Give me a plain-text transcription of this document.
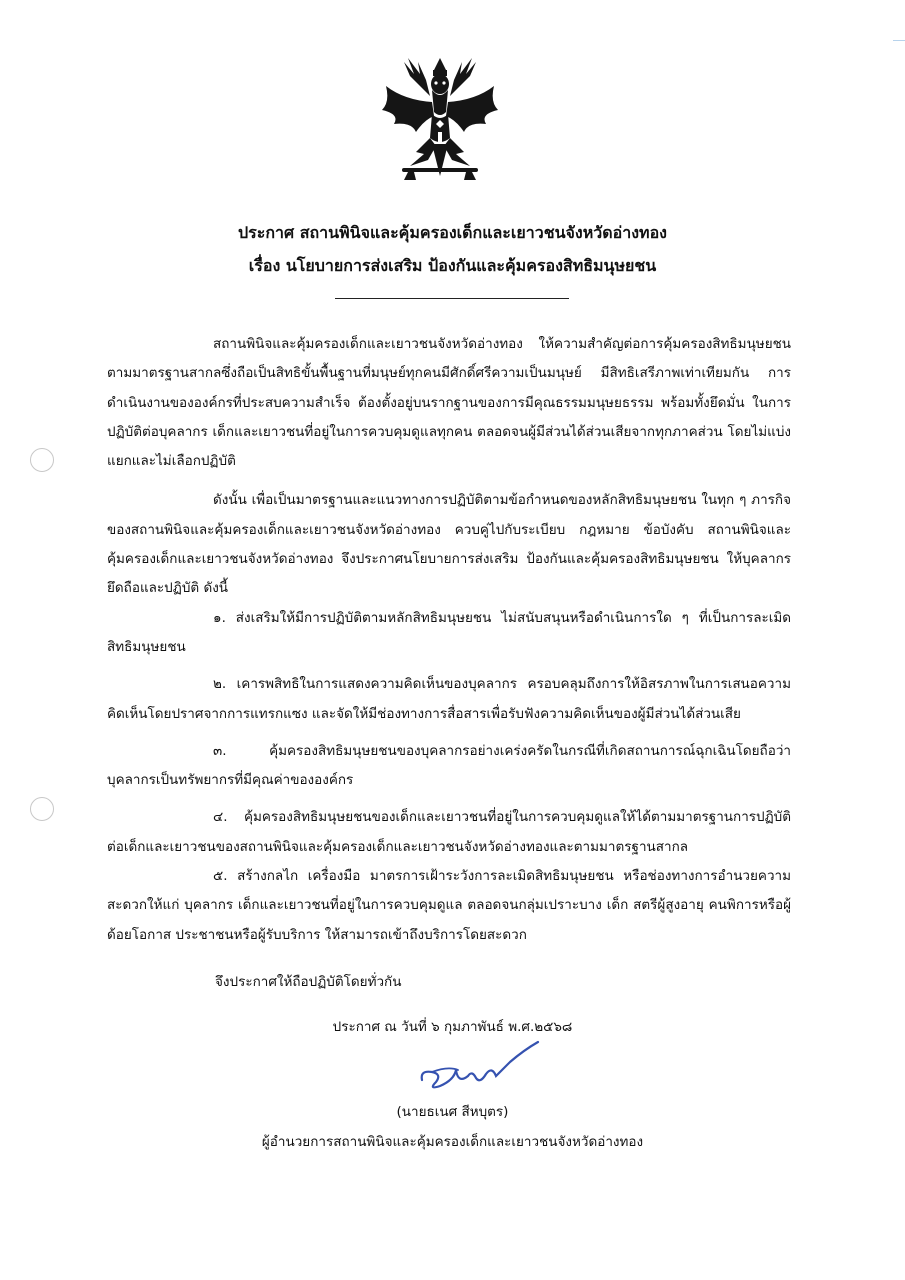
ประกาศ สถานพินิจและคุ้มครองเด็กและเยาวชนจังหวัดอ่างทอง
เรื่อง นโยบายการส่งเสริม ป้องกันและคุ้มครองสิทธิมนุษยชน

สถานพินิจและคุ้มครองเด็กและเยาวชนจังหวัดอ่างทอง ให้ความสำคัญต่อการคุ้มครองสิทธิมนุษยชน ตามมาตรฐานสากลซึ่งถือเป็นสิทธิขั้นพื้นฐานที่มนุษย์ทุกคนมีศักดิ์ศรีความเป็นมนุษย์ มีสิทธิเสรีภาพเท่าเทียมกัน การดำเนินงานขององค์กรที่ประสบความสำเร็จ ต้องตั้งอยู่บนรากฐานของการมีคุณธรรมมนุษยธรรม พร้อมทั้งยึดมั่น ในการปฏิบัติต่อบุคลากร เด็กและเยาวชนที่อยู่ในการควบคุมดูแลทุกคน ตลอดจนผู้มีส่วนได้ส่วนเสียจากทุกภาคส่วน โดยไม่แบ่งแยกและไม่เลือกปฏิบัติ

ดังนั้น เพื่อเป็นมาตรฐานและแนวทางการปฏิบัติตามข้อกำหนดของหลักสิทธิมนุษยชน ในทุก ๆ ภารกิจของสถานพินิจและคุ้มครองเด็กและเยาวชนจังหวัดอ่างทอง ควบคู่ไปกับระเบียบ กฎหมาย ข้อบังคับ สถานพินิจและคุ้มครองเด็กและเยาวชนจังหวัดอ่างทอง จึงประกาศนโยบายการส่งเสริม ป้องกันและคุ้มครองสิทธิมนุษยชน ให้บุคลากรยึดถือและปฏิบัติ ดังนี้

๑. ส่งเสริมให้มีการปฏิบัติตามหลักสิทธิมนุษยชน ไม่สนับสนุนหรือดำเนินการใด ๆ ที่เป็นการละเมิดสิทธิมนุษยชน

๒. เคารพสิทธิในการแสดงความคิดเห็นของบุคลากร ครอบคลุมถึงการให้อิสรภาพในการเสนอความคิดเห็นโดยปราศจากการแทรกแซง และจัดให้มีช่องทางการสื่อสารเพื่อรับฟังความคิดเห็นของผู้มีส่วนได้ส่วนเสีย

๓. คุ้มครองสิทธิมนุษยชนของบุคลากรอย่างเคร่งครัดในกรณีที่เกิดสถานการณ์ฉุกเฉินโดยถือว่าบุคลากรเป็นทรัพยากรที่มีคุณค่าขององค์กร

๔. คุ้มครองสิทธิมนุษยชนของเด็กและเยาวชนที่อยู่ในการควบคุมดูแลให้ได้ตามมาตรฐานการปฏิบัติต่อเด็กและเยาวชนของสถานพินิจและคุ้มครองเด็กและเยาวชนจังหวัดอ่างทองและตามมาตรฐานสากล

๕. สร้างกลไก เครื่องมือ มาตรการเฝ้าระวังการละเมิดสิทธิมนุษยชน หรือช่องทางการอำนวยความสะดวกให้แก่ บุคลากร เด็กและเยาวชนที่อยู่ในการควบคุมดูแล ตลอดจนกลุ่มเปราะบาง เด็ก สตรีผู้สูงอายุ คนพิการหรือผู้ด้อยโอกาส ประชาชนหรือผู้รับบริการ ให้สามารถเข้าถึงบริการโดยสะดวก

จึงประกาศให้ถือปฏิบัติโดยทั่วกัน
ประกาศ ณ วันที่ ๖ กุมภาพันธ์ พ.ศ.๒๕๖๘
(นายธเนศ สีหบุตร)
ผู้อำนวยการสถานพินิจและคุ้มครองเด็กและเยาวชนจังหวัดอ่างทอง
